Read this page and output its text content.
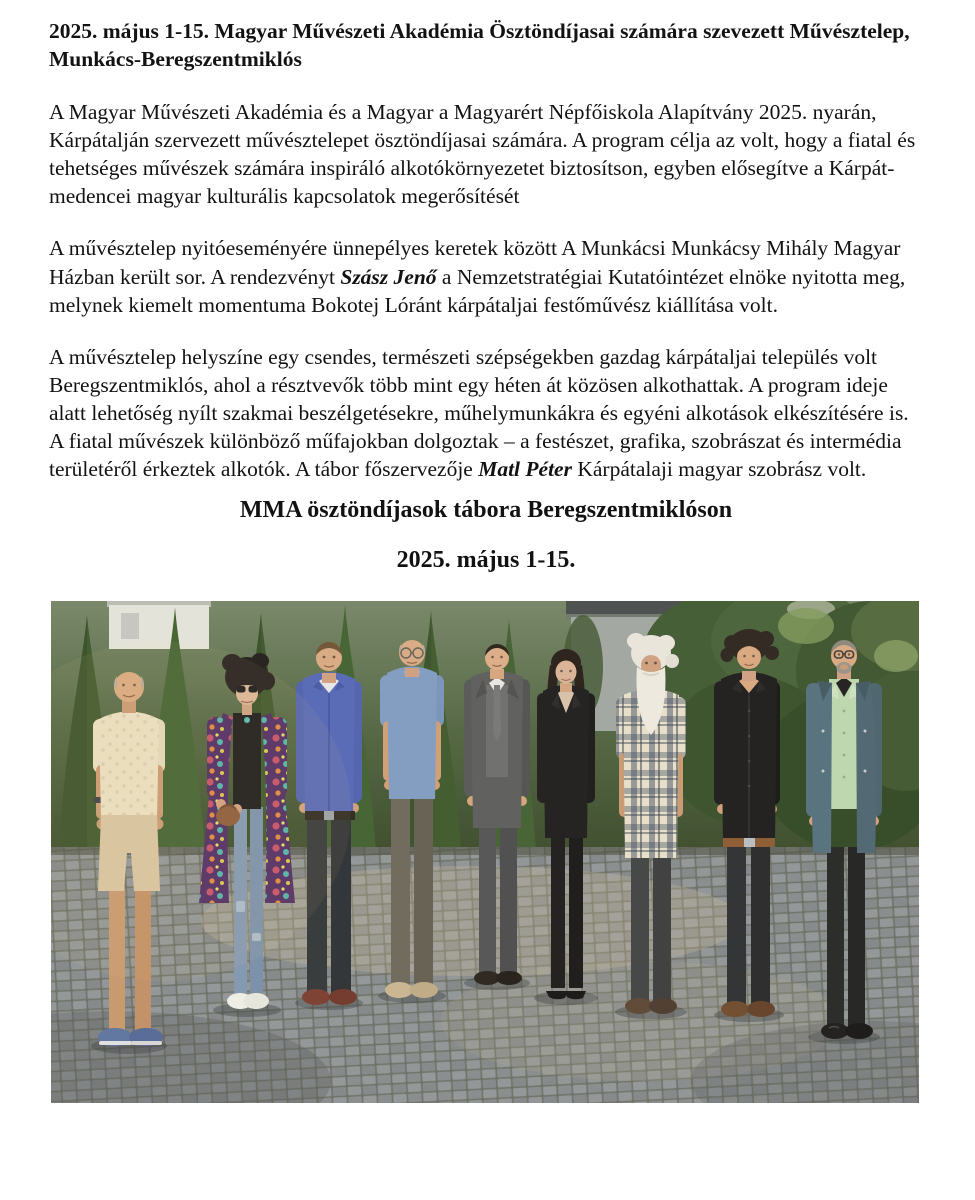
2025. május 1-15. Magyar Művészeti Akadémia Ösztöndíjasai számára szevezett Művésztelep, Munkács-Beregszentmiklós

A Magyar Művészeti Akadémia és a Magyar a Magyarért Népfőiskola Alapítvány 2025. nyarán, Kárpátalján szervezett művésztelepet ösztöndíjasai számára. A program célja az volt, hogy a fiatal és tehetséges művészek számára inspiráló alkotókörnyezetet biztosítson, egyben elősegítve a Kárpát-medencei magyar kulturális kapcsolatok megerősítését

A művésztelep nyitóeseményére ünnepélyes keretek között A Munkácsi Munkácsy Mihály Magyar Házban került sor. A rendezvényt Szász Jenő a Nemzetstratégiai Kutatóintézet elnöke nyitotta meg, melynek kiemelt momentuma Bokotej Lóránt kárpátaljai festőművész kiállítása volt.

A művésztelep helyszíne egy csendes, természeti szépségekben gazdag kárpátaljai település volt Beregszentmiklós, ahol a résztvevők több mint egy héten át közösen alkothattak. A program ideje alatt lehetőség nyílt szakmai beszélgetésekre, műhelymunkákra és egyéni alkotások elkészítésére is. A fiatal művészek különböző műfajokban dolgoztak – a festészet, grafika, szobrászat és intermédia területéről érkeztek alkotók. A tábor főszervezője Matl Péter Kárpátalaji magyar szobrász volt.

MMA ösztöndíjasok tábora Beregszentmiklóson
2025. május 1-15.
